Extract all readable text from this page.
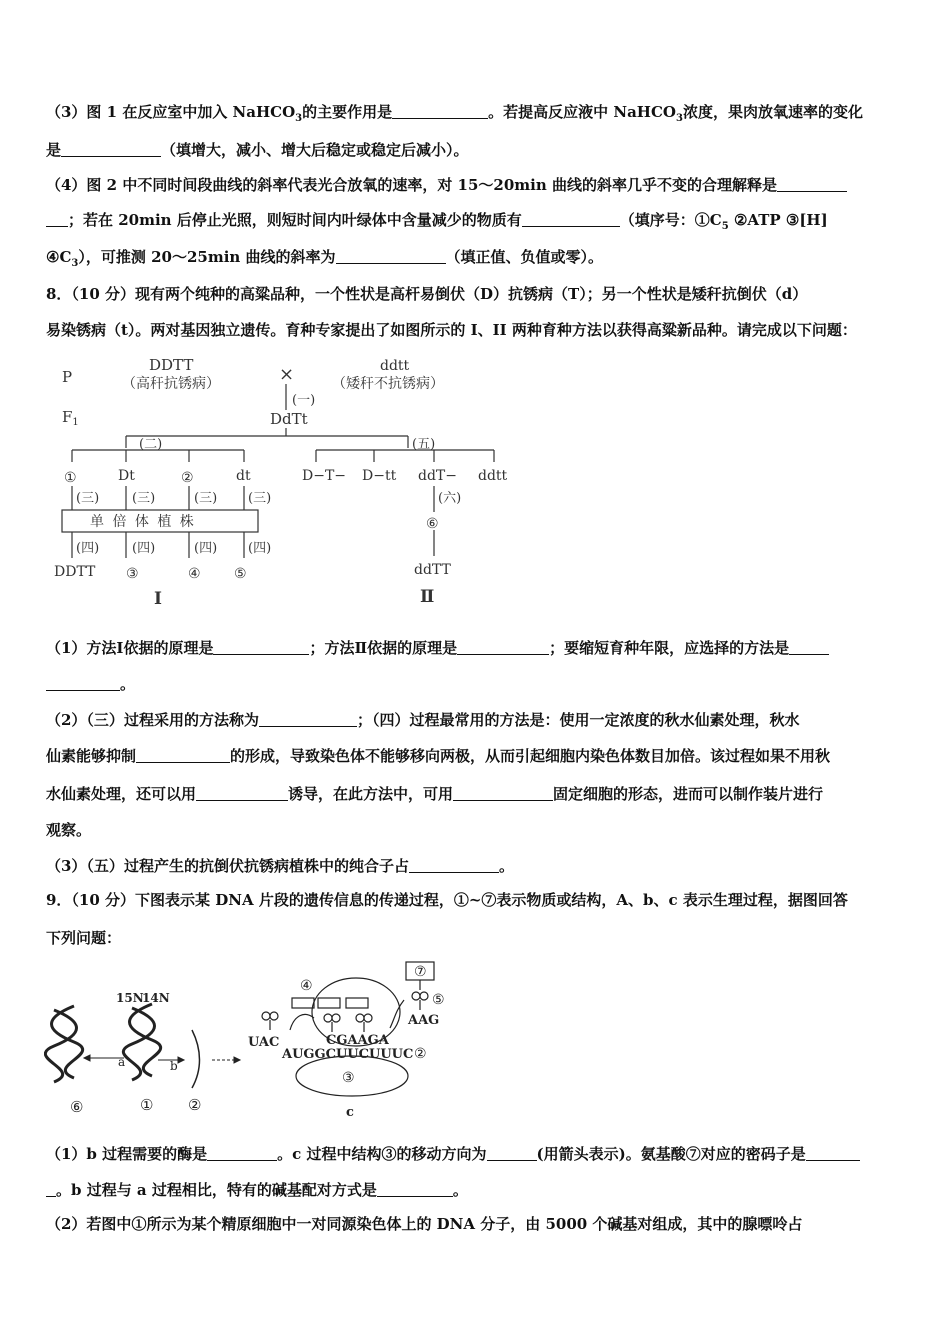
（3）图 1 在反应室中加入 NaHCO$_3$的主要作用是	。若提高反应液中 NaHCO$_3$浓度，果肉放氧速率的变化
是	（填增大，减小、增大后稳定或稳定后减小）。
（4）图 2 中不同时间段曲线的斜率代表光合放氧的速率，对 15～20min 曲线的斜率几乎不变的合理解释是
；若在 20min 后停止光照，则短时间内叶绿体中含量减少的物质有	（填序号：$①C_5$ ②ATP ③[H]
$④C_3$），可推测 20～25min 曲线的斜率为	（填正值、负值或零）。
8．（10 分）现有两个纯种的高粱品种，一个性状是高杆易倒伏（D）抗锈病（T）；另一个性状是矮秆抗倒伏（d）
易染锈病（t）。两对基因独立遗传。育种专家提出了如图所示的 I、II 两种育种方法以获得高粱新品种。请完成以下问题：
P
$F_1$
DDTT
（高秆抗锈病）
ddtt
（矮秆不抗锈病）
×
(一)
DdTt
(二)	(五)
①	Dt	②	dt	D−T− D−tt ddT− ddtt
(三)	(三)	(三) (三)	(六)
单 倍 体 植 株
(四)	(四)	(四) (四)
⑥
DDTT ③	④ ⑤	ddTT
Ⅰ	Ⅱ
（1）方法Ⅰ依据的原理是	；方法Ⅱ依据的原理是	；要缩短育种年限，应选择的方法是
。
（2）（三）过程采用的方法称为	；（四）过程最常用的方法是：使用一定浓度的秋水仙素处理，秋水
仙素能够抑制	的形成，导致染色体不能够移向两极，从而引起细胞内染色体数目加倍。该过程如果不用秋
水仙素处理，还可以用	诱导，在此方法中，可用	固定细胞的形态，进而可以制作装片进行
观察。
（3）（五）过程产生的抗倒伏抗锈病植株中的纯合子占	。
9．（10 分）下图表示某 DNA 片段的遗传信息的传递过程，①~⑦表示物质或结构，A、b、c 表示生理过程，据图回答
下列问题：
15N
14N
a	b
⑥	① ②
UAC
AAG
CGAAGA
AUGGCUUCUUUC
⑦
④
⑤
②
③
c
（1）b 过程需要的酶是	。c 过程中结构③的移动方向为	(用箭头表示)。氨基酸⑦对应的密码子是
。b 过程与 a 过程相比，特有的碱基配对方式是	。
（2）若图中①所示为某个精原细胞中一对同源染色体上的 DNA 分子，由 5000 个碱基对组成，其中的腺嘌呤占
